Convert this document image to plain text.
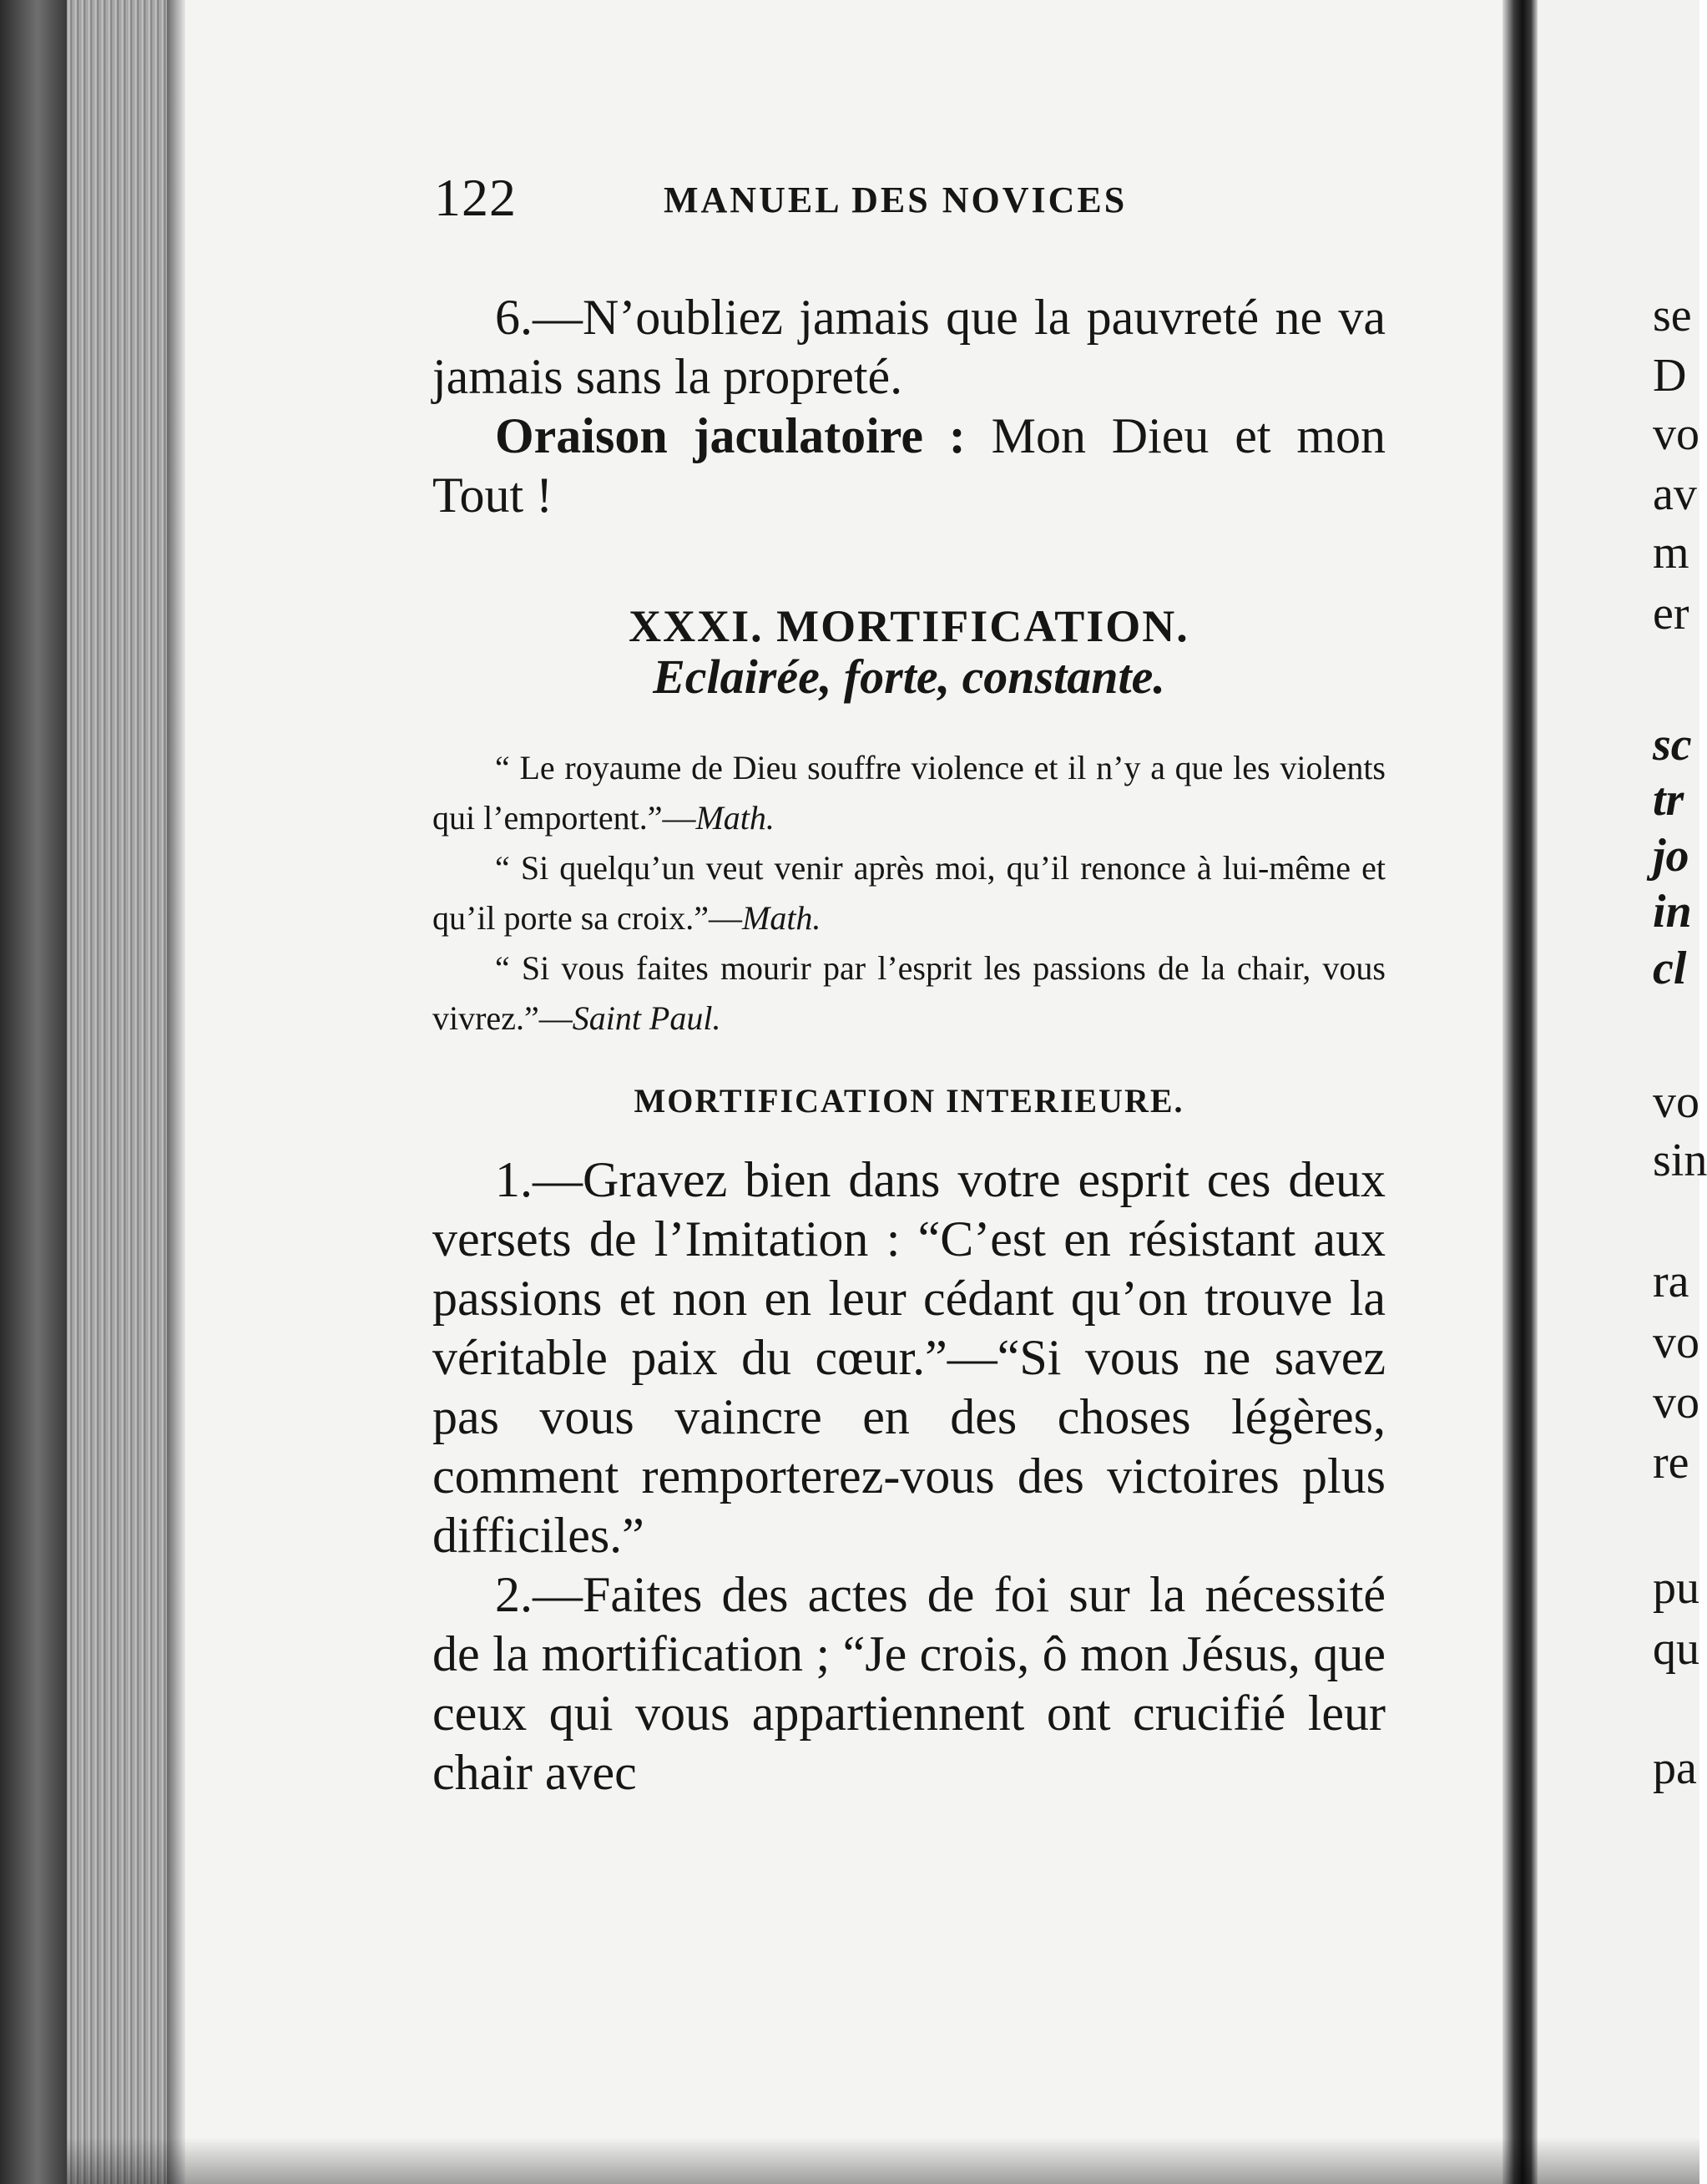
122	MANUEL DES NOVICES

6.—N’oubliez jamais que la pauvreté ne va jamais sans la propreté.

Oraison jaculatoire : Mon Dieu et mon Tout !

XXXI. MORTIFICATION.

Eclairée, forte, constante.

“ Le royaume de Dieu souffre violence et il n’y a que les violents qui l’emportent.”—Math.

“ Si quelqu’un veut venir après moi, qu’il renonce à lui-même et qu’il porte sa croix.”—Math.

“ Si vous faites mourir par l’esprit les passions de la chair, vous vivrez.”—Saint Paul.

MORTIFICATION INTERIEURE.

1.—Gravez bien dans votre esprit ces deux versets de l’Imitation : “C’est en résistant aux passions et non en leur cédant qu’on trouve la véritable paix du cœur.”—“Si vous ne savez pas vous vaincre en des choses légères, comment remporterez-vous des victoires plus difficiles.”

2.—Faites des actes de foi sur la nécessité de la mortification ; “Je crois, ô mon Jésus, que ceux qui vous appartiennent ont crucifié leur chair avec

se
D
vo
av
m
er
sc
tr
jo
in
cl
vo
sin
ra
vo
vo
re
pu
qu
pa
